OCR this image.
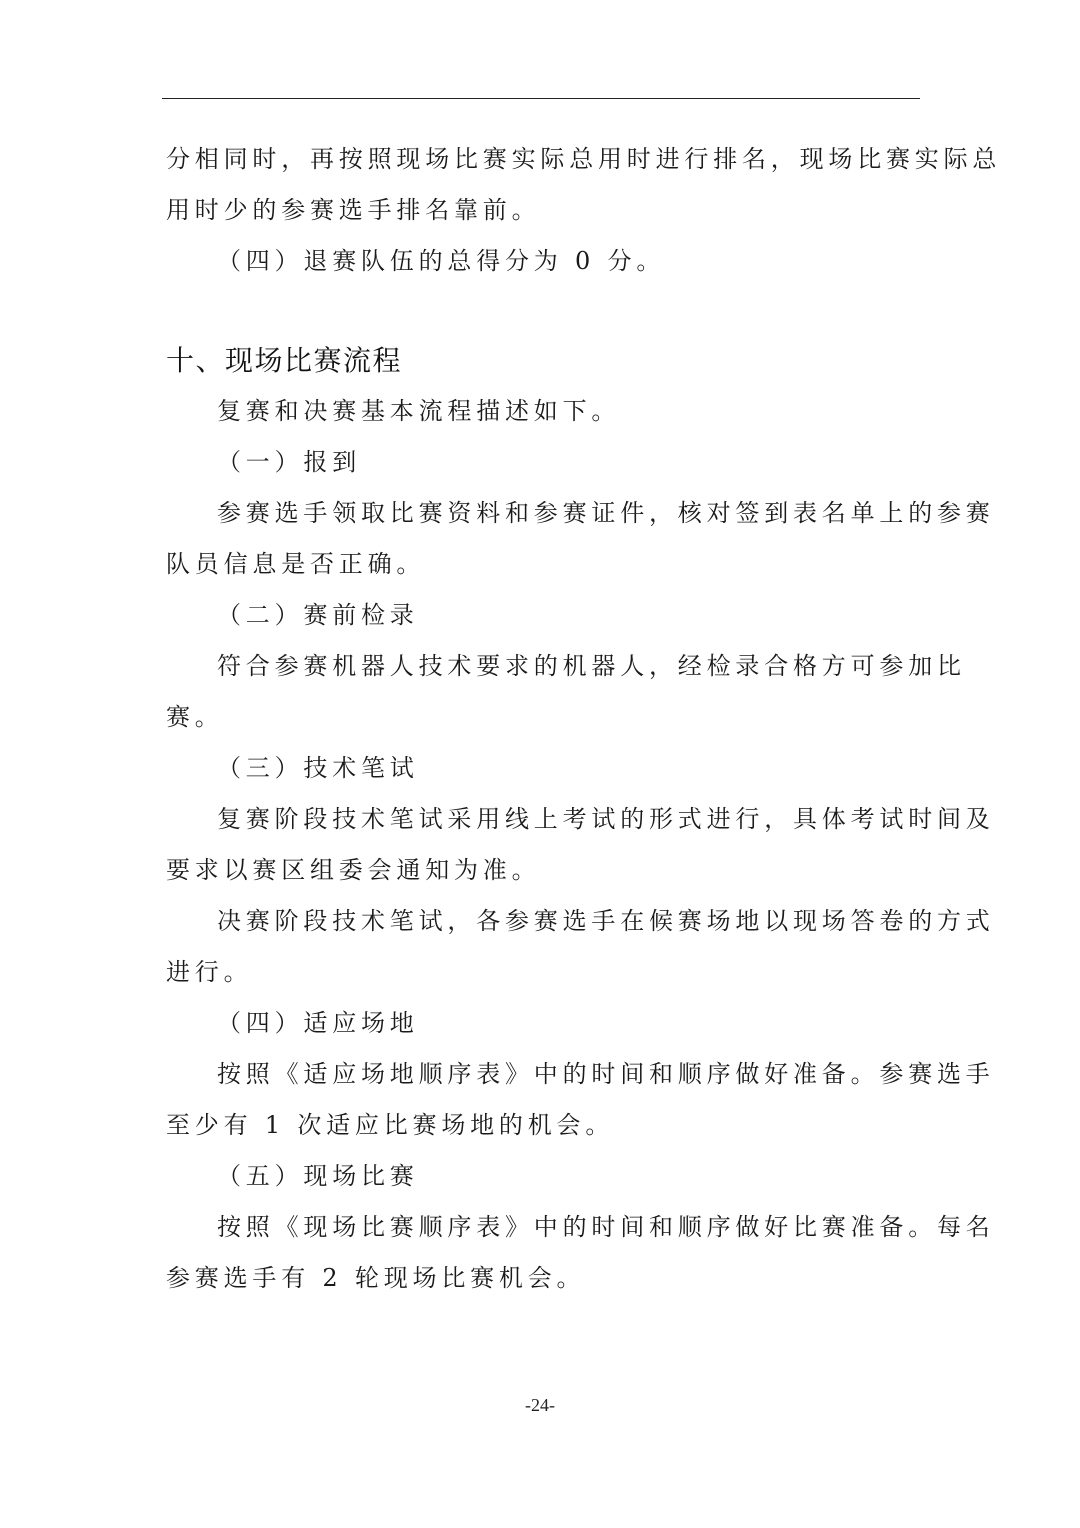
分相同时，再按照现场比赛实际总用时进行排名，现场比赛实际总
用时少的参赛选手排名靠前。
（四）退赛队伍的总得分为 0 分。
十、现场比赛流程
复赛和决赛基本流程描述如下。
（一）报到
参赛选手领取比赛资料和参赛证件，核对签到表名单上的参赛
队员信息是否正确。
（二）赛前检录
符合参赛机器人技术要求的机器人，经检录合格方可参加比
赛。
（三）技术笔试
复赛阶段技术笔试采用线上考试的形式进行，具体考试时间及
要求以赛区组委会通知为准。
决赛阶段技术笔试，各参赛选手在候赛场地以现场答卷的方式
进行。
（四）适应场地
按照《适应场地顺序表》中的时间和顺序做好准备。参赛选手
至少有 1 次适应比赛场地的机会。
（五）现场比赛
按照《现场比赛顺序表》中的时间和顺序做好比赛准备。每名
参赛选手有 2 轮现场比赛机会。
-24-
